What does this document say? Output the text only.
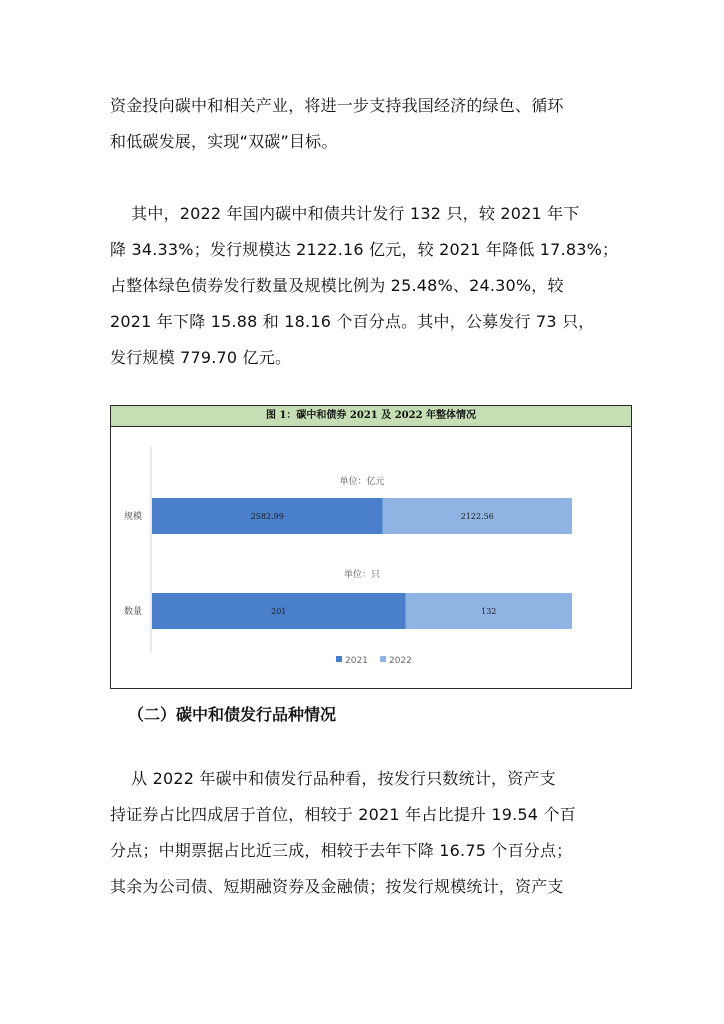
资金投向碳中和相关产业，将进一步支持我国经济的绿色、循环
和低碳发展，实现“双碳”目标。
其中，2022 年国内碳中和债共计发行 132 只，较 2021 年下
降 34.33%；发行规模达 2122.16 亿元，较 2021 年降低 17.83%；
占整体绿色债券发行数量及规模比例为 25.48%、24.30%，较
2021 年下降 15.88 和 18.16 个百分点。其中，公募发行 73 只，
发行规模 779.70 亿元。
从 2022 年碳中和债发行品种看，按发行只数统计，资产支
持证券占比四成居于首位，相较于 2021 年占比提升 19.54 个百
分点；中期票据占比近三成，相较于去年下降 16.75 个百分点；
其余为公司债、短期融资券及金融债；按发行规模统计，资产支
图 1：碳中和债券 2021 及 2022 年整体情况
单位：亿元
规模	2582.99	2122.56
单位：只
数量	201	132
2021 2022
（二）碳中和债发行品种情况
